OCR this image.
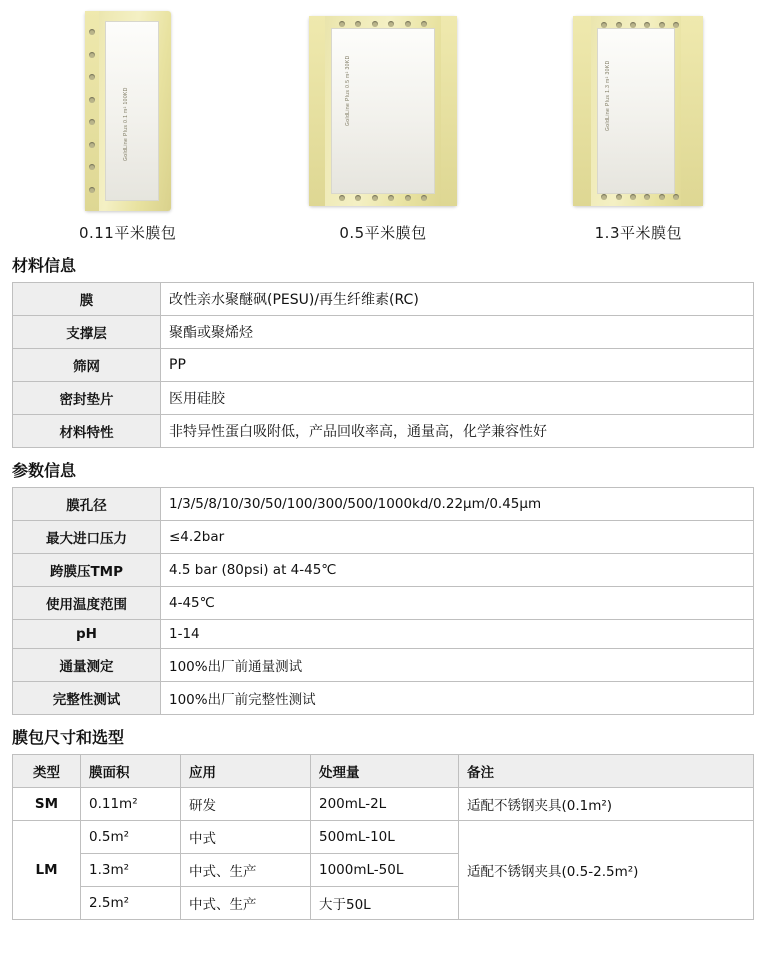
GoldLine Plus 0.1 m² 100KD
0.11平米膜包
GoldLine Plus 0.5 m² 30KD
0.5平米膜包
GoldLine Plus 1.3 m² 30KD
1.3平米膜包
材料信息
膜	改性亲水聚醚砜(PESU)/再生纤维素(RC)
支撑层	聚酯或聚烯烃
筛网	PP
密封垫片	医用硅胶
材料特性	非特异性蛋白吸附低，产品回收率高，通量高，化学兼容性好
参数信息
膜孔径	1/3/5/8/10/30/50/100/300/500/1000kd/0.22μm/0.45μm
最大进口压力	≤4.2bar
跨膜压TMP	4.5 bar (80psi) at 4-45℃
使用温度范围	4-45℃
pH	1-14
通量测定	100%出厂前通量测试
完整性测试	100%出厂前完整性测试
膜包尺寸和选型
类型	膜面积	应用	处理量	备注
SM	0.11m²	研发	200mL-2L	适配不锈钢夹具(0.1m²)
LM	0.5m²	中式	500mL-10L	适配不锈钢夹具(0.5-2.5m²)
	1.3m²	中式、生产	1000mL-50L	
	2.5m²	中式、生产	大于50L	
